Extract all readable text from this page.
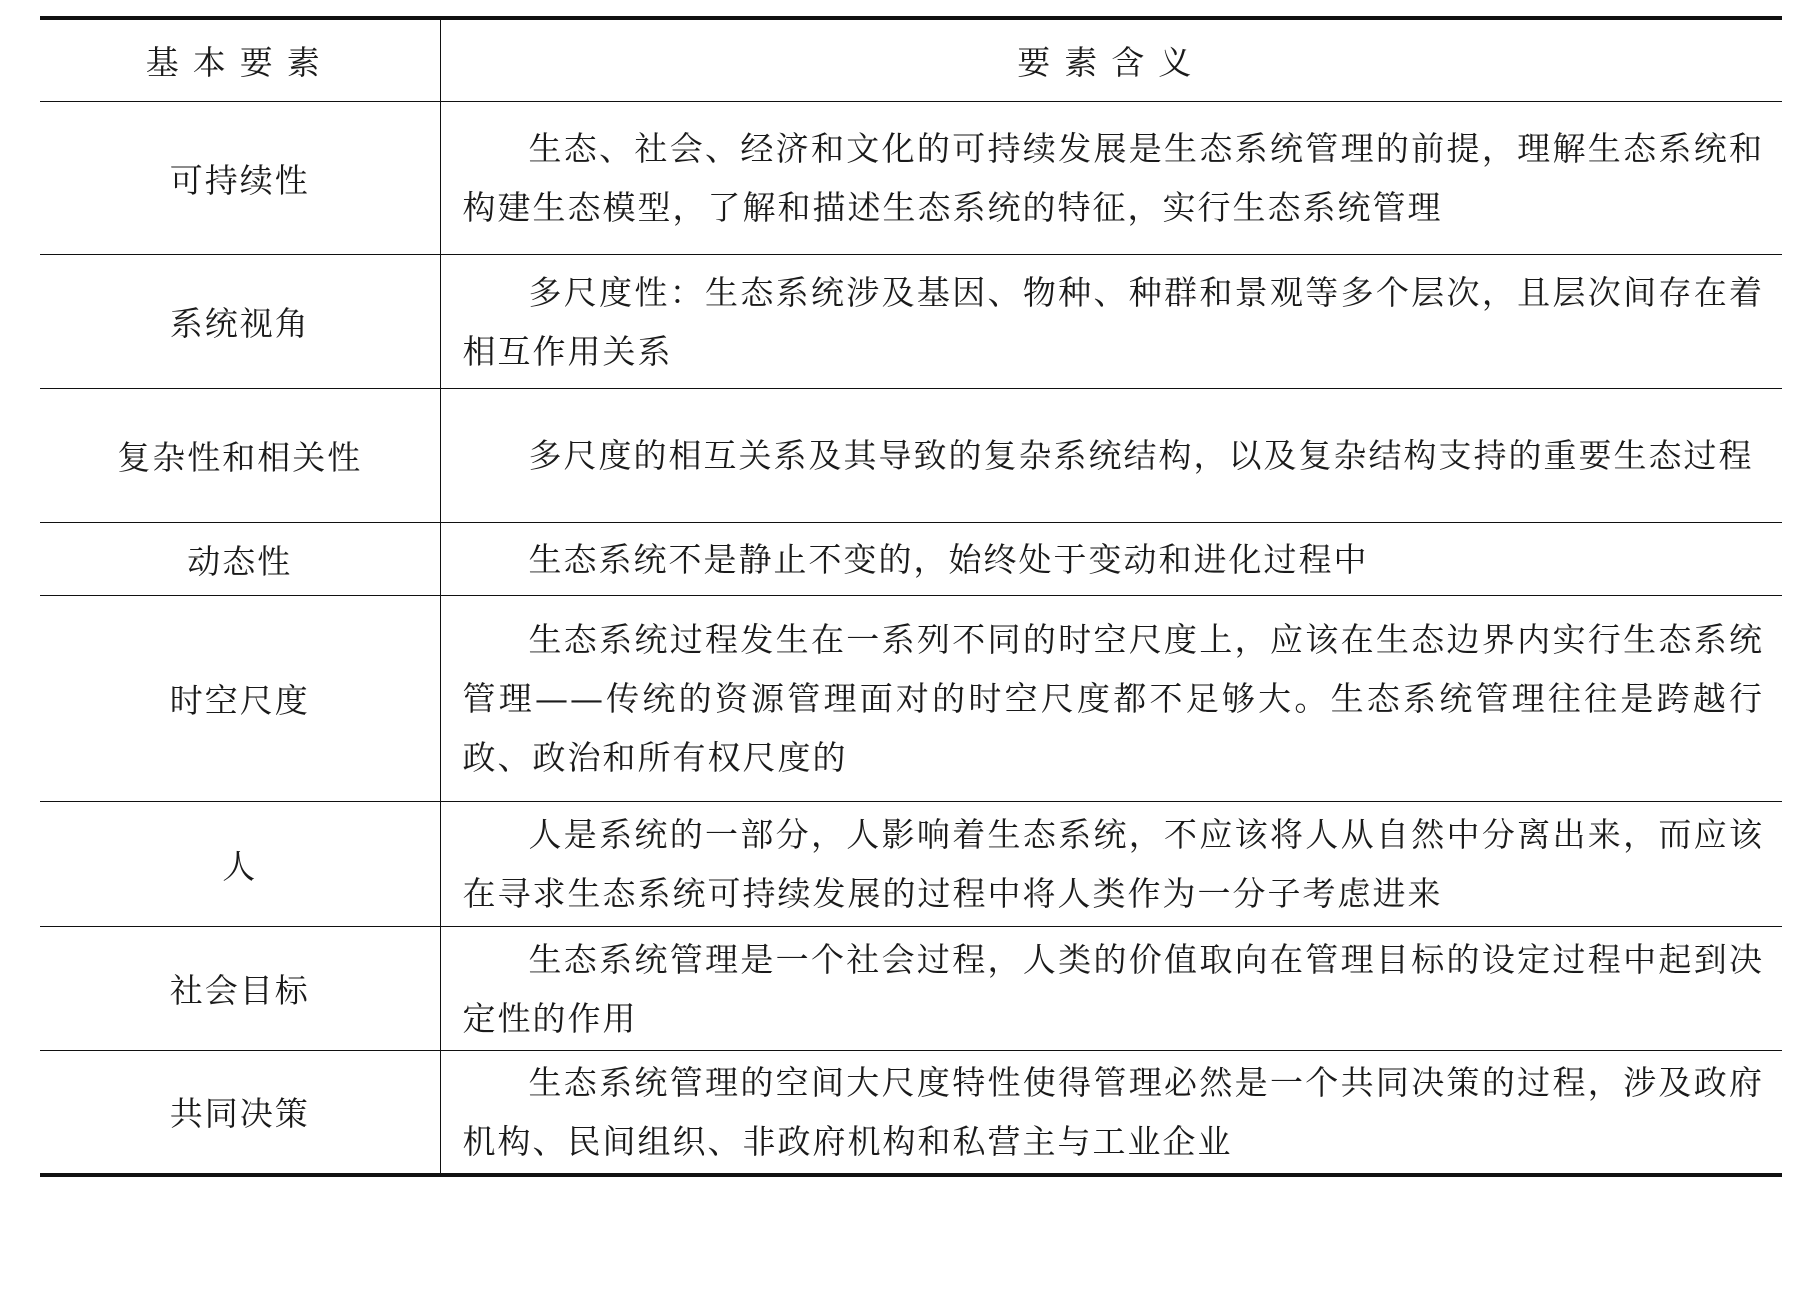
基本要素	要素含义
可持续性	生态、社会、经济和文化的可持续发展是生态系统管理的前提，理解生态系统和构建生态模型，了解和描述生态系统的特征，实行生态系统管理

系统视角	多尺度性：生态系统涉及基因、物种、种群和景观等多个层次，且层次间存在着相互作用关系

复杂性和相关性	多尺度的相互关系及其导致的复杂系统结构，以及复杂结构支持的重要生态过程

动态性	生态系统不是静止不变的，始终处于变动和进化过程中

时空尺度	生态系统过程发生在一系列不同的时空尺度上，应该在生态边界内实行生态系统管理——传统的资源管理面对的时空尺度都不足够大。生态系统管理往往是跨越行政、政治和所有权尺度的

人	人是系统的一部分，人影响着生态系统，不应该将人从自然中分离出来，而应该在寻求生态系统可持续发展的过程中将人类作为一分子考虑进来

社会目标	生态系统管理是一个社会过程，人类的价值取向在管理目标的设定过程中起到决定性的作用

共同决策	生态系统管理的空间大尺度特性使得管理必然是一个共同决策的过程，涉及政府机构、民间组织、非政府机构和私营主与工业企业
